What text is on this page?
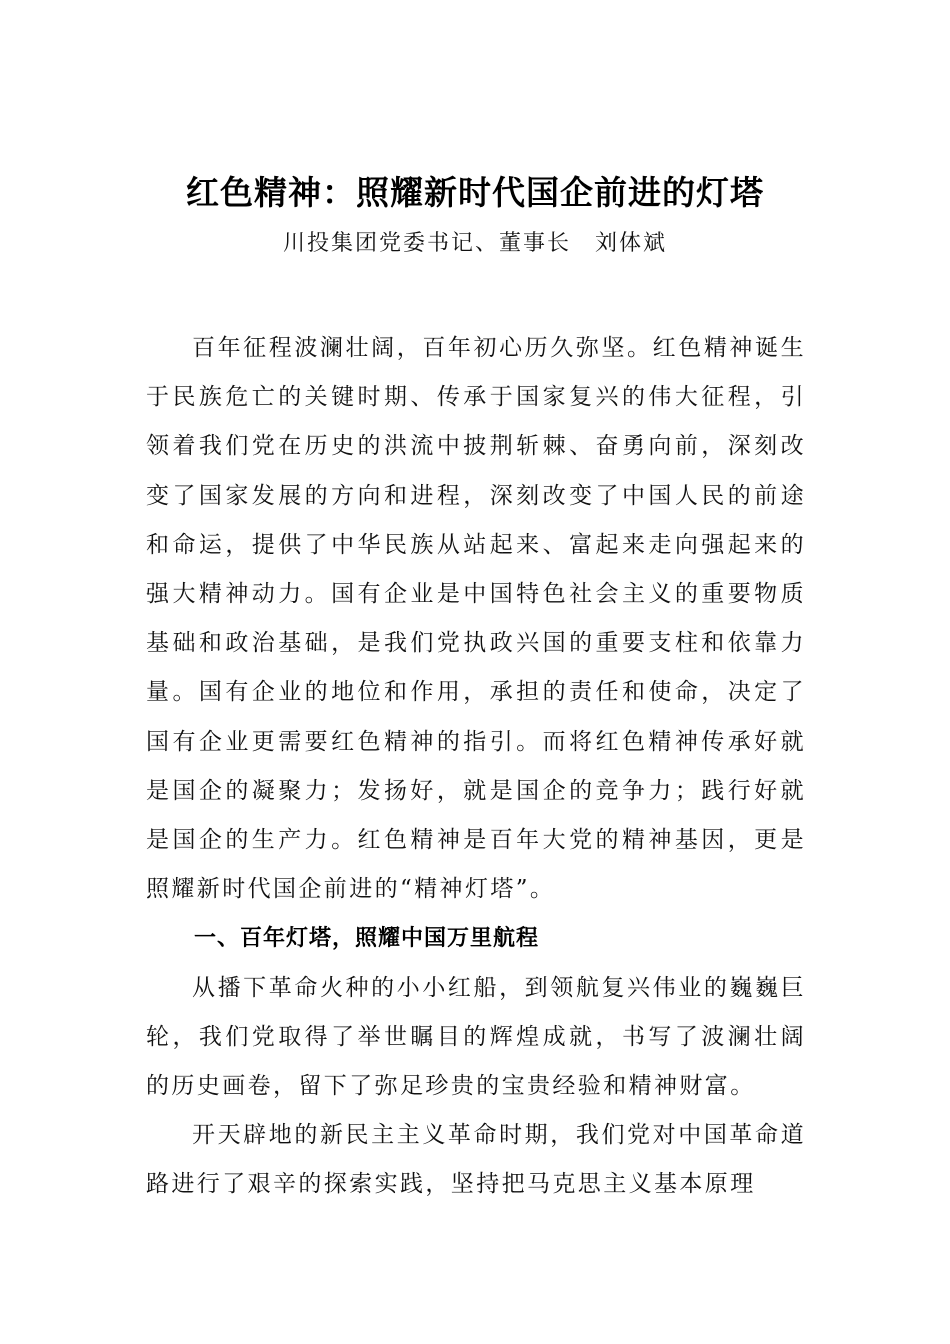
红色精神：照耀新时代国企前进的灯塔
川投集团党委书记、董事长　刘体斌

百年征程波澜壮阔，百年初心历久弥坚。红色精神诞生于民族危亡的关键时期、传承于国家复兴的伟大征程，引领着我们党在历史的洪流中披荆斩棘、奋勇向前，深刻改变了国家发展的方向和进程，深刻改变了中国人民的前途和命运，提供了中华民族从站起来、富起来走向强起来的强大精神动力。国有企业是中国特色社会主义的重要物质基础和政治基础，是我们党执政兴国的重要支柱和依靠力量。国有企业的地位和作用，承担的责任和使命，决定了国有企业更需要红色精神的指引。而将红色精神传承好就是国企的凝聚力；发扬好，就是国企的竞争力；践行好就是国企的生产力。红色精神是百年大党的精神基因，更是照耀新时代国企前进的“精神灯塔”。

一、百年灯塔，照耀中国万里航程

从播下革命火种的小小红船，到领航复兴伟业的巍巍巨轮，我们党取得了举世瞩目的辉煌成就，书写了波澜壮阔的历史画卷，留下了弥足珍贵的宝贵经验和精神财富。

开天辟地的新民主主义革命时期，我们党对中国革命道路进行了艰辛的探索实践，坚持把马克思主义基本原理
